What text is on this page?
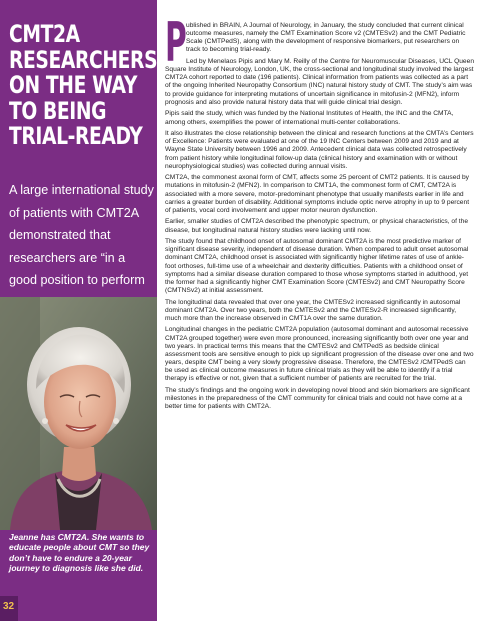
CMT2A
RESEARCHERS
ON THE WAY
TO BEING
TRIAL-READY
A large international study of patients with CMT2A demonstrated that researchers are “in a good position to perform
Jeanne has CMT2A. She wants to educate people about CMT so they don’t have to endure a 20-year journey to diagnosis like she did.
32

Published in BRAIN, A Journal of Neurology, in January, the study concluded that current clinical outcome measures, namely the CMT Examination Score v2 (CMTESv2) and the CMT Pediatric Scale (CMTPedS), along with the development of responsive biomarkers, put researchers on track to becoming trial-ready.

Led by Menelaos Pipis and Mary M. Reilly of the Centre for Neuromuscular Diseases, UCL Queen Square Institute of Neurology, London, UK, the cross-sectional and longitudinal study involved the largest CMT2A cohort reported to date (196 patients). Clinical information from patients was collected as a part of the ongoing Inherited Neuropathy Consortium (INC) natural history study of CMT. The study’s aim was to provide guidance for interpreting mutations of uncertain significance in mitofusin-2 (MFN2), inform prognosis and also provide natural history data that will guide clinical trial design.

Pipis said the study, which was funded by the National Institutes of Health, the INC and the CMTA, among others, exemplifies the power of international multi-center collaborations.

It also illustrates the close relationship between the clinical and research functions at the CMTA’s Centers of Excellence: Patients were evaluated at one of the 19 INC Centers between 2009 and 2019 and at Wayne State University between 1996 and 2009. Antecedent clinical data was collected retrospectively from patient history while longitudinal follow-up data (clinical history and examination with or without neurophysiological studies) was collected during annual visits.

CMT2A, the commonest axonal form of CMT, affects some 25 percent of CMT2 patients. It is caused by mutations in mitofusin-2 (MFN2). In comparison to CMT1A, the commonest form of CMT, CMT2A is associated with a more severe, motor-predominant phenotype that usually manifests earlier in life and carries a greater burden of disability. Additional symptoms include optic nerve atrophy in up to 9 percent of patients, vocal cord involvement and upper motor neuron dysfunction.

Earlier, smaller studies of CMT2A described the phenotypic spectrum, or physical characteristics, of the disease, but longitudinal natural history studies were lacking until now.

The study found that childhood onset of autosomal dominant CMT2A is the most predictive marker of significant disease severity, independent of disease duration. When compared to adult onset autosomal dominant CMT2A, childhood onset is associated with significantly higher lifetime rates of use of ankle-foot orthoses, full-time use of a wheelchair and dexterity difficulties. Patients with a childhood onset of symptoms had a similar disease duration compared to those whose symptoms started in adulthood, yet the former had a significantly higher CMT Examination Score (CMTESv2) and CMT Neuropathy Score (CMTNSv2) at initial assessment.

The longitudinal data revealed that over one year, the CMTESv2 increased significantly in autosomal dominant CMT2A. Over two years, both the CMTESv2 and the CMTESv2-R increased significantly, much more than the increase observed in CMT1A over the same duration.

Longitudinal changes in the pediatric CMT2A population (autosomal dominant and autosomal recessive CMT2A grouped together) were even more pronounced, increasing significantly both over one year and two years. In practical terms this means that the CMTESv2 and CMTPedS as bedside clinical assessment tools are sensitive enough to pick up significant progression of the disease over one and two years, despite CMT being a very slowly progressive disease. Therefore, the CMTESv2 /CMTPedS can be used as clinical outcome measures in future clinical trials as they will be able to identify if a trial therapy is effective or not, given that a sufficient number of patients are recruited for the trial.

The study’s findings and the ongoing work in developing novel blood and skin biomarkers are significant milestones in the preparedness of the CMT community for clinical trials and could not have come at a better time for patients with CMT2A.
